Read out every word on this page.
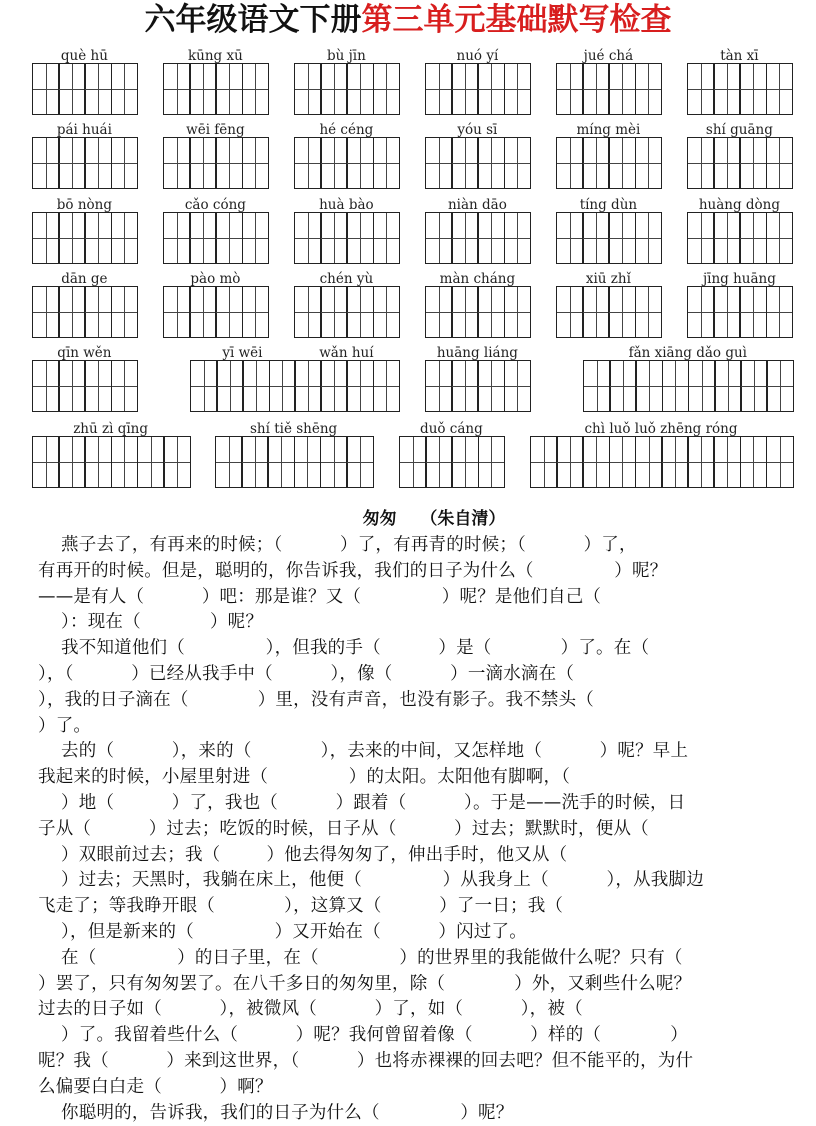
六年级语文下册第三单元基础默写检查
què hū	kūng xū	bù jīn	nuó yí	jué chá	tàn xī
pái huái	wēi fēng	hé céng	yóu sī	míng mèi	shí guāng
bō nòng	cǎo cóng	huà bào	niàn dāo	tíng dùn	huàng dòng
dān ge	pào mò	chén yù	màn cháng	xiū zhǐ	jīng huāng
qīn wěn	yī wēi	wǎn huí	huāng liáng	fǎn xiāng dǎo guì
zhū zì qīng	shí tiě shēng	duǒ cáng	chì luǒ luǒ zhēng róng
匆匆    （朱自清）
燕子去了，有再来的时候；（          ）了，有再青的时候；（          ）了，
有再开的时候。但是，聪明的，你告诉我，我们的日子为什么（              ）呢？
——是有人（          ）吧：那是谁？又（              ）呢？是他们自己（
）：现在（            ）呢？
我不知道他们（              ），但我的手（          ）是（            ）了。在（
），（          ）已经从我手中（          ），像（          ）一滴水滴在（
），我的日子滴在（            ）里，没有声音，也没有影子。我不禁头（
）了。
去的（          ），来的（            ），去来的中间，又怎样地（          ）呢？早上
我起来的时候，小屋里射进（              ）的太阳。太阳他有脚啊，（
）地（          ）了，我也（          ）跟着（          ）。于是——洗手的时候，日
子从（          ）过去；吃饭的时候，日子从（          ）过去；默默时，便从（
）双眼前过去；我（        ）他去得匆匆了，伸出手时，他又从（
）过去；天黑时，我躺在床上，他便（              ）从我身上（          ），从我脚边
飞走了；等我睁开眼（            ），这算又（          ）了一日；我（
），但是新来的（              ）又开始在（          ）闪过了。
在（              ）的日子里，在（              ）的世界里的我能做什么呢？只有（
）罢了，只有匆匆罢了。在八千多日的匆匆里，除（            ）外，又剩些什么呢？
过去的日子如（          ），被微风（          ）了，如（          ），被（
）了。我留着些什么（          ）呢？我何曾留着像（          ）样的（            ）
呢？我（          ）来到这世界，（          ）也将赤裸裸的回去吧？但不能平的，为什
么偏要白白走（          ）啊？
你聪明的，告诉我，我们的日子为什么（              ）呢？
